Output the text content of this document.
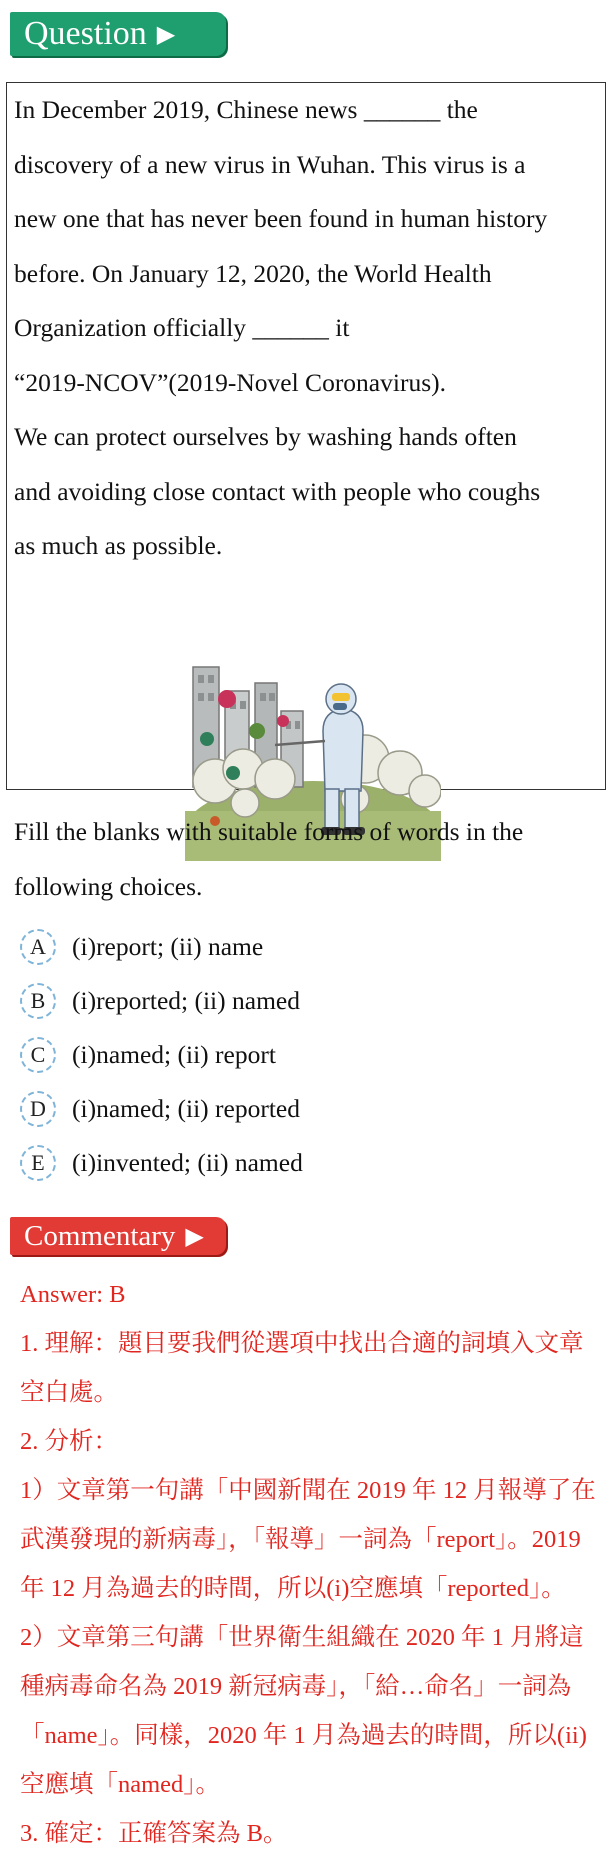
Question ▶

In December 2019, Chinese news ______ the

discovery of a new virus in Wuhan. This virus is a

new one that has never been found in human history

before. On January 12, 2020, the World Health

Organization officially ______ it

“2019-NCOV”(2019-Novel Coronavirus).

We can protect ourselves by washing hands often

and avoiding close contact with people who coughs

as much as possible.

Fill the blanks with suitable forms of words in the
following choices.
A	(i)report; (ii) name
B	(i)reported; (ii) named
C	(i)named; (ii) report
D	(i)named; (ii) reported
E	(i)invented; (ii) named
Commentary ▶

Answer: B

1. 理解：題目要我們從選項中找出合適的詞填入文章

空白處。

2. 分析：

1）文章第一句講「中國新聞在 2019 年 12 月報導了在

武漢發現的新病毒」，「報導」一詞為「report」。2019

年 12 月為過去的時間，所以(i)空應填「reported」。

2）文章第三句講「世界衛生組織在 2020 年 1 月將這

種病毒命名為 2019 新冠病毒」，「給…命名」一詞為

「name」。同樣，2020 年 1 月為過去的時間，所以(ii)

空應填「named」。

3. 確定：正確答案為 B。
